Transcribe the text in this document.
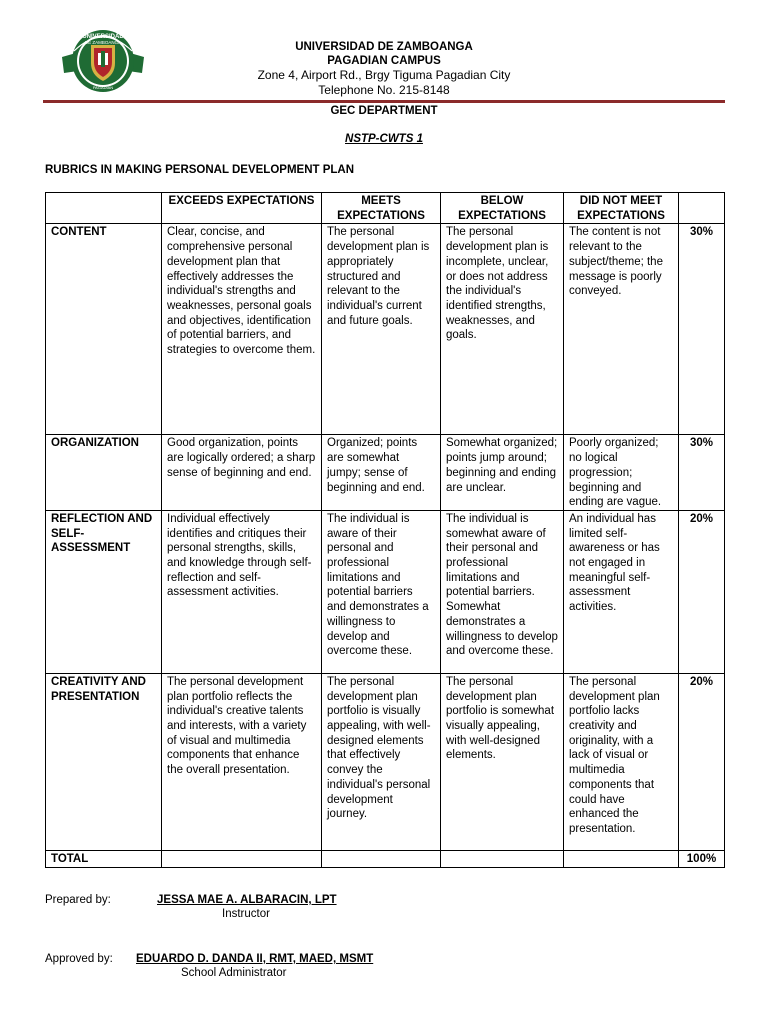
UNIVERSIDAD
DE ZAMBOANGA
PAGADIAN
UNIVERSIDAD DE ZAMBOANGA
PAGADIAN CAMPUS
Zone 4, Airport Rd., Brgy Tiguma Pagadian City
Telephone No. 215-8148
GEC DEPARTMENT
NSTP-CWTS 1
RUBRICS IN MAKING PERSONAL DEVELOPMENT PLAN
	EXCEEDS EXPECTATIONS	MEETS EXPECTATIONS	BELOW EXPECTATIONS	DID NOT MEET EXPECTATIONS	
CONTENT	Clear, concise, and comprehensive personal development plan that effectively addresses the individual's strengths and weaknesses, personal goals and objectives, identification of potential barriers, and strategies to overcome them.	The personal development plan is appropriately structured and relevant to the individual's current and future goals.	The personal development plan is incomplete, unclear, or does not address the individual's identified strengths, weaknesses, and goals.	The content is not relevant to the subject/theme; the message is poorly conveyed.	30%
ORGANIZATION	Good organization, points are logically ordered; a sharp sense of beginning and end.	Organized; points are somewhat jumpy; sense of beginning and end.	Somewhat organized; points jump around; beginning and ending are unclear.	Poorly organized; no logical progression; beginning and ending are vague.	30%
REFLECTION AND SELF-ASSESSMENT	Individual effectively identifies and critiques their personal strengths, skills, and knowledge through self-reflection and self-assessment activities.	The individual is aware of their personal and professional limitations and potential barriers and demonstrates a willingness to develop and overcome these.	The individual is somewhat aware of their personal and professional limitations and potential barriers. Somewhat demonstrates a willingness to develop and overcome these.	An individual has limited self-awareness or has not engaged in meaningful self-assessment activities.	20%
CREATIVITY AND PRESENTATION	The personal development plan portfolio reflects the individual's creative talents and interests, with a variety of visual and multimedia components that enhance the overall presentation.	The personal development plan portfolio is visually appealing, with well-designed elements that effectively convey the individual's personal development journey.	The personal development plan portfolio is somewhat visually appealing, with well-designed elements.	The personal development plan portfolio lacks creativity and originality, with a lack of visual or multimedia components that could have enhanced the presentation.	20%
TOTAL					100%
Prepared by:	JESSA MAE A. ALBARACIN, LPT
Instructor
Approved by: EDUARDO D. DANDA II, RMT, MAED, MSMT
School Administrator
